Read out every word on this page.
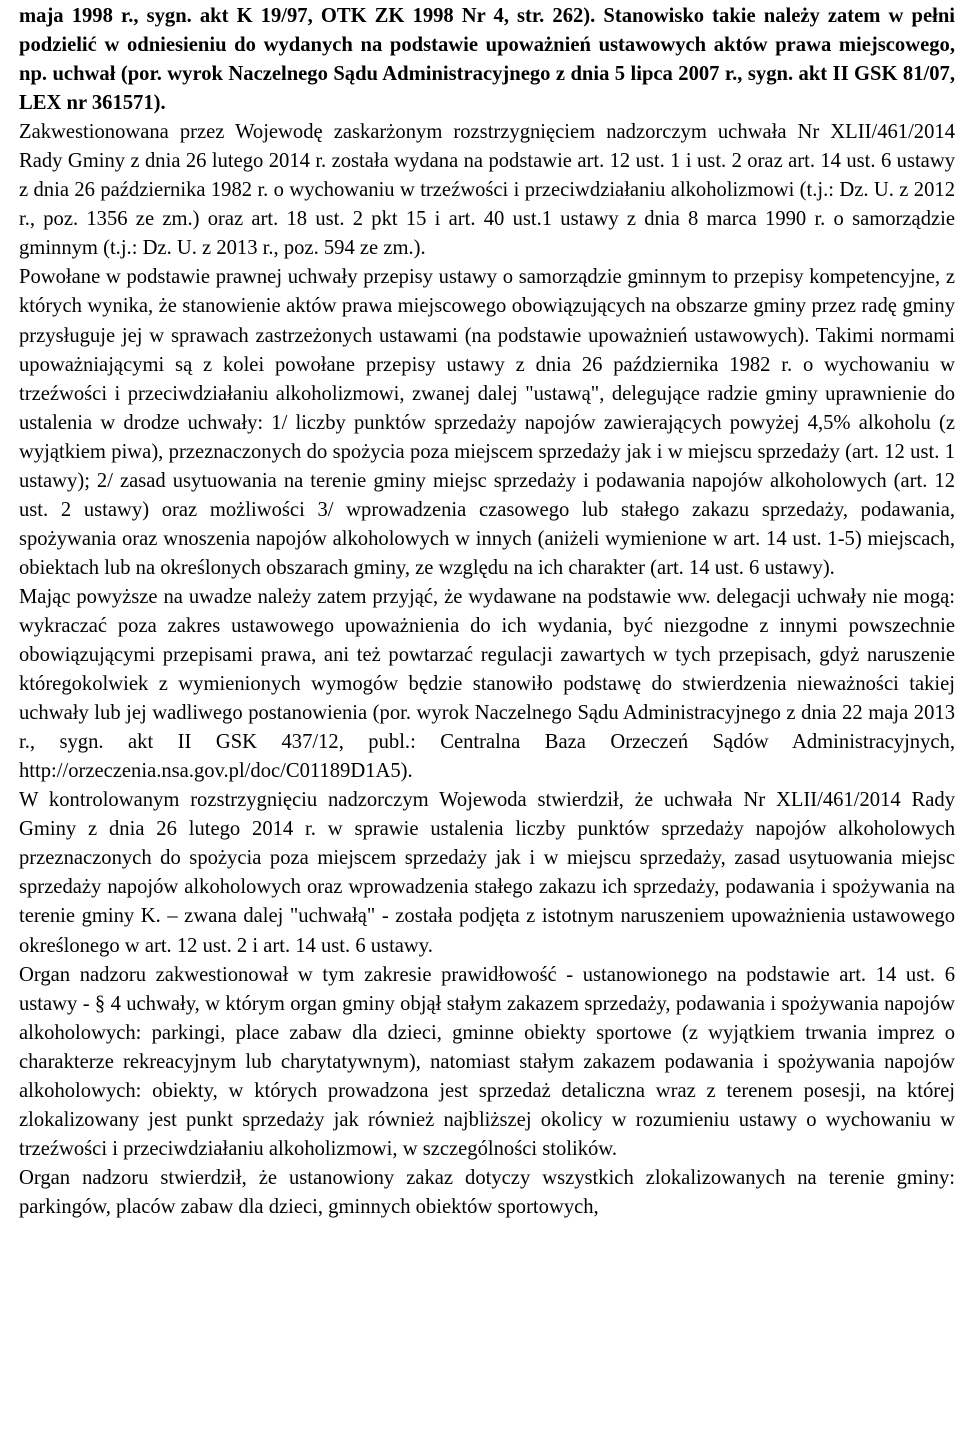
maja 1998 r., sygn. akt K 19/97, OTK ZK 1998 Nr 4, str. 262). Stanowisko takie należy zatem w pełni podzielić w odniesieniu do wydanych na podstawie upoważnień ustawowych aktów prawa miejscowego, np. uchwał (por. wyrok Naczelnego Sądu Administracyjnego z dnia 5 lipca 2007 r., sygn. akt II GSK 81/07, LEX nr 361571).

Zakwestionowana przez Wojewodę zaskarżonym rozstrzygnięciem nadzorczym uchwała Nr XLII/461/2014 Rady Gminy z dnia 26 lutego 2014 r. została wydana na podstawie art. 12 ust. 1 i ust. 2 oraz art. 14 ust. 6 ustawy z dnia 26 października 1982 r. o wychowaniu w trzeźwości i przeciwdziałaniu alkoholizmowi (t.j.: Dz. U. z 2012 r., poz. 1356 ze zm.) oraz art. 18 ust. 2 pkt 15 i art. 40 ust.1 ustawy z dnia 8 marca 1990 r. o samorządzie gminnym (t.j.: Dz. U. z 2013 r., poz. 594 ze zm.).

Powołane w podstawie prawnej uchwały przepisy ustawy o samorządzie gminnym to przepisy kompetencyjne, z których wynika, że stanowienie aktów prawa miejscowego obowiązujących na obszarze gminy przez radę gminy przysługuje jej w sprawach zastrzeżonych ustawami (na podstawie upoważnień ustawowych). Takimi normami upoważniającymi są z kolei powołane przepisy ustawy z dnia 26 października 1982 r. o wychowaniu w trzeźwości i przeciwdziałaniu alkoholizmowi, zwanej dalej "ustawą", delegujące radzie gminy uprawnienie do ustalenia w drodze uchwały: 1/ liczby punktów sprzedaży napojów zawierających powyżej 4,5% alkoholu (z wyjątkiem piwa), przeznaczonych do spożycia poza miejscem sprzedaży jak i w miejscu sprzedaży (art. 12 ust. 1 ustawy); 2/ zasad usytuowania na terenie gminy miejsc sprzedaży i podawania napojów alkoholowych (art. 12 ust. 2 ustawy) oraz możliwości 3/ wprowadzenia czasowego lub stałego zakazu sprzedaży, podawania, spożywania oraz wnoszenia napojów alkoholowych w innych (aniżeli wymienione w art. 14 ust. 1-5) miejscach, obiektach lub na określonych obszarach gminy, ze względu na ich charakter (art. 14 ust. 6 ustawy).

Mając powyższe na uwadze należy zatem przyjąć, że wydawane na podstawie ww. delegacji uchwały nie mogą: wykraczać poza zakres ustawowego upoważnienia do ich wydania, być niezgodne z innymi powszechnie obowiązującymi przepisami prawa, ani też powtarzać regulacji zawartych w tych przepisach, gdyż naruszenie któregokolwiek z wymienionych wymogów będzie stanowiło podstawę do stwierdzenia nieważności takiej uchwały lub jej wadliwego postanowienia (por. wyrok Naczelnego Sądu Administracyjnego z dnia 22 maja 2013 r., sygn. akt II GSK 437/12, publ.: Centralna Baza Orzeczeń Sądów Administracyjnych, http://orzeczenia.nsa.gov.pl/doc/C01189D1A5).

W kontrolowanym rozstrzygnięciu nadzorczym Wojewoda stwierdził, że uchwała Nr XLII/461/2014 Rady Gminy z dnia 26 lutego 2014 r. w sprawie ustalenia liczby punktów sprzedaży napojów alkoholowych przeznaczonych do spożycia poza miejscem sprzedaży jak i w miejscu sprzedaży, zasad usytuowania miejsc sprzedaży napojów alkoholowych oraz wprowadzenia stałego zakazu ich sprzedaży, podawania i spożywania na terenie gminy K. – zwana dalej "uchwałą" - została podjęta z istotnym naruszeniem upoważnienia ustawowego określonego w art. 12 ust. 2 i art. 14 ust. 6 ustawy.

Organ nadzoru zakwestionował w tym zakresie prawidłowość - ustanowionego na podstawie art. 14 ust. 6 ustawy - § 4 uchwały, w którym organ gminy objął stałym zakazem sprzedaży, podawania i spożywania napojów alkoholowych: parkingi, place zabaw dla dzieci, gminne obiekty sportowe (z wyjątkiem trwania imprez o charakterze rekreacyjnym lub charytatywnym), natomiast stałym zakazem podawania i spożywania napojów alkoholowych: obiekty, w których prowadzona jest sprzedaż detaliczna wraz z terenem posesji, na której zlokalizowany jest punkt sprzedaży jak również najbliższej okolicy w rozumieniu ustawy o wychowaniu w trzeźwości i przeciwdziałaniu alkoholizmowi, w szczególności stolików.

Organ nadzoru stwierdził, że ustanowiony zakaz dotyczy wszystkich zlokalizowanych na terenie gminy: parkingów, placów zabaw dla dzieci, gminnych obiektów sportowych,
